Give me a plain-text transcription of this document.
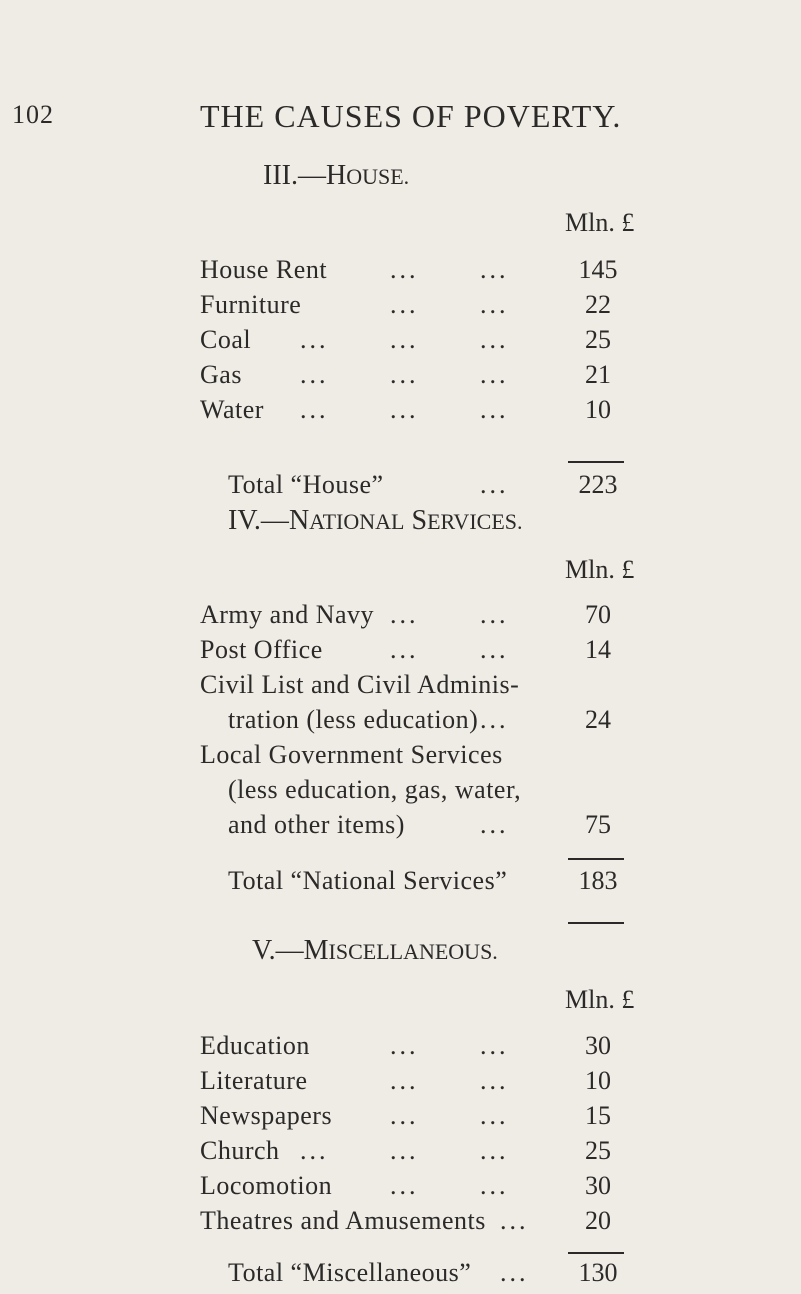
102	THE CAUSES OF POVERTY.
III.—HOUSE.
Mln. £
House Rent ... ...	145
Furniture	... ...	22
Coal ... ... ...	25
Gas ... ... ...	21
Water ... ... ...	10
Total “House”	...	223
IV.—NATIONAL SERVICES.
Mln. £
Army and Navy ... ...	70
Post Office	... ...	14
Civil List and Civil Adminis-
tration (less education) ...	24
Local Government Services
(less education, gas, water,
and other items)	...	75
Total “National Services”	183
V.—MISCELLANEOUS.
Mln. £
Education	... ...	30
Literature	... ...	10
Newspapers ... ...	15
Church ... ... ...	25
Locomotion ... ...	30
Theatres and Amusements ...	20
Total “Miscellaneous” ...	130
